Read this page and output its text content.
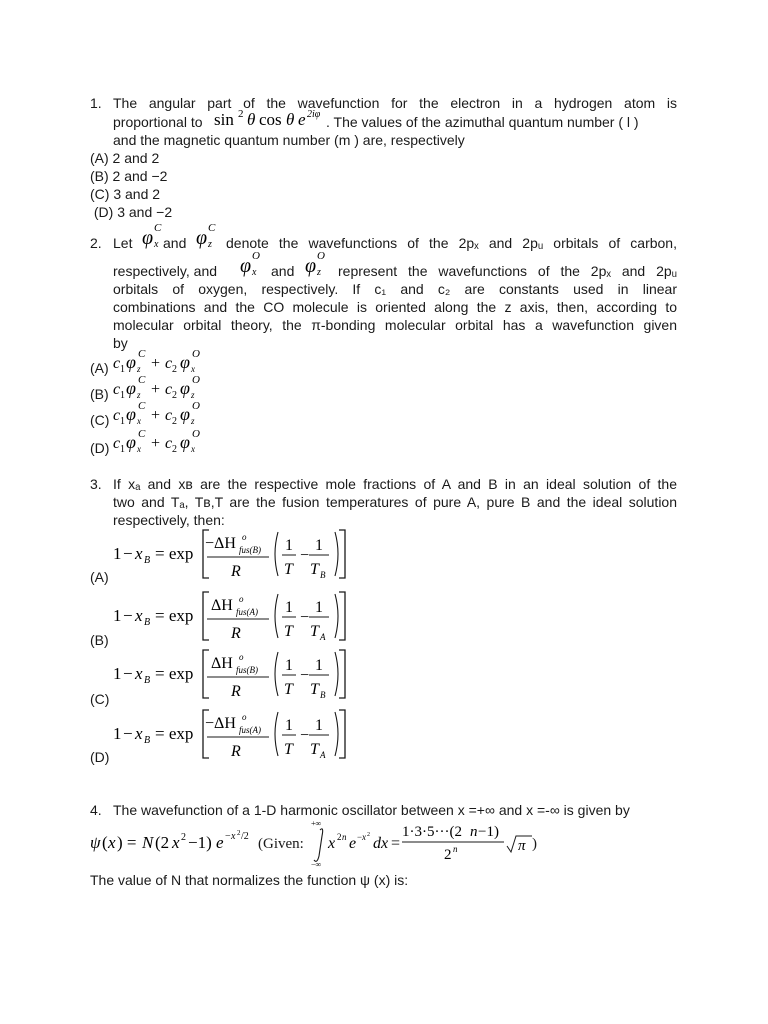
1. The angular part of the wavefunction for the electron in a hydrogen atom is
proportional to sin 2 θ cos θ e 2iφ . The values of the azimuthal quantum number ( l )
and the magnetic quantum number (m ) are, respectively
(A) 2 and 2
(B) 2 and −2
(C) 3 and 2
(D) 3 and −2
2. Let φ C
x and φ C
z denote the wavefunctions of the 2pₓ and 2pᵤ orbitals of carbon,
respectively, and φ O
x and φ O
z represent the wavefunctions of the 2pₓ and 2pᵤ
orbitals of oxygen, respectively. If c₁ and c₂ are constants used in linear
combinations and the CO molecule is oriented along the z axis, then, according to
molecular orbital theory, the π-bonding molecular orbital has a wavefunction given
by
(A) c 1 φ C
z + c 2 φ O
x
(B) c 1 φ C
z + c 2 φ O
z
(C) c 1 φ C
x + c 2 φ O
z
(D) c 1 φ C
x + c 2 φ O
x
3. If xₐ and xʙ are the respective mole fractions of A and B in an ideal solution of the
two and Tₐ, Tʙ,T are the fusion temperatures of pure A, pure B and the ideal solution
respectively, then:
1 − x B = exp
−ΔH o
fus(B)
R
1
T
−
1
T B
(A)
1 − x B = exp
ΔH o
fus(A)
R
1
T
−
1
T A
(B)
1 − x B = exp
ΔH o
fus(B)
R
1
T
−
1
T B
(C)
1 − x B = exp
−ΔH o
fus(A)
R
1
T
−
1
T A
(D)
4. The wavefunction of a 1-D harmonic oscillator between x =+∞ and x =-∞ is given by
ψ ( x ) = N (2 x 2 −1) e − x 2 /2 (Given:
+∞
−∞
x 2 n e − x 2 dx =
1·3·5···(2 n −1)
2 n	π )
The value of N that normalizes the function ψ (x) is:
